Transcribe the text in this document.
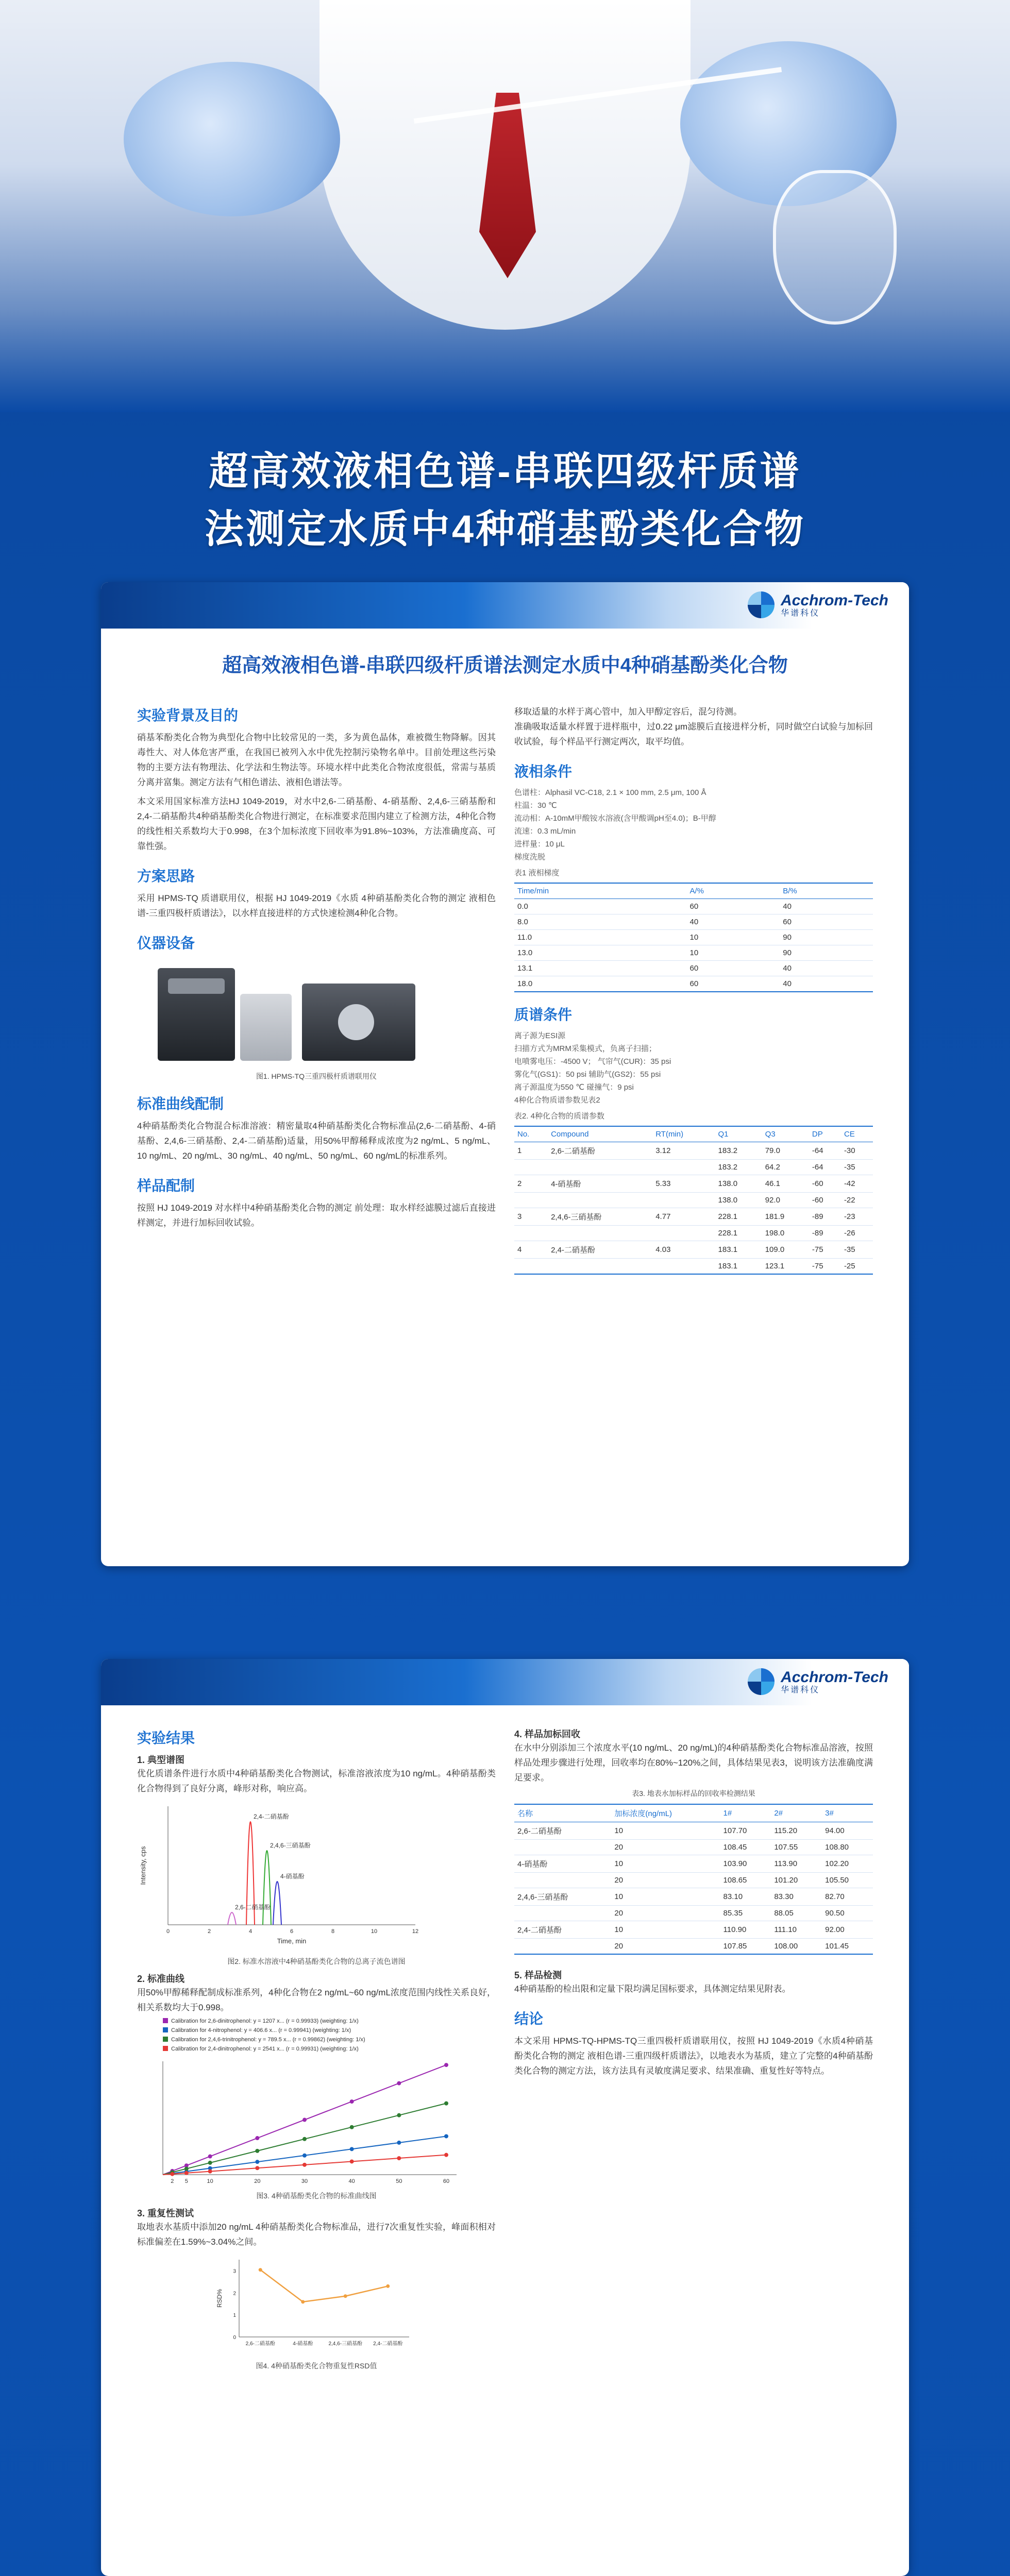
超高效液相色谱-串联四级杆质谱
法测定水质中4种硝基酚类化合物
Acchrom-Tech
华谱科仪
超高效液相色谱-串联四级杆质谱法测定水质中4种硝基酚类化合物
实验背景及目的

硝基苯酚类化合物为典型化合物中比较常见的一类，多为黄色晶体，难被微生物降解。因其毒性大、对人体危害严重，在我国已被列入水中优先控制污染物名单中。目前处理这些污染物的主要方法有物理法、化学法和生物法等。环境水样中此类化合物浓度很低，常需与基质分离并富集。测定方法有气相色谱法、液相色谱法等。

本文采用国家标准方法HJ 1049-2019，对水中2,6-二硝基酚、4-硝基酚、2,4,6-三硝基酚和2,4-二硝基酚共4种硝基酚类化合物进行测定，在标准要求范围内建立了检测方法，4种化合物的线性相关系数均大于0.998，在3个加标浓度下回收率为91.8%~103%，方法准确度高、可靠性强。

方案思路

采用 HPMS-TQ 质谱联用仪，根据 HJ 1049-2019《水质 4种硝基酚类化合物的测定 液相色谱-三重四极杆质谱法》，以水样直接进样的方式快速检测4种化合物。

仪器设备
图1. HPMS-TQ三重四极杆质谱联用仪
标准曲线配制

4种硝基酚类化合物混合标准溶液：精密量取4种硝基酚类化合物标准品(2,6-二硝基酚、4-硝基酚、2,4,6-三硝基酚、2,4-二硝基酚)适量，用50%甲醇稀释成浓度为2 ng/mL、5 ng/mL、10 ng/mL、20 ng/mL、30 ng/mL、40 ng/mL、50 ng/mL、60 ng/mL的标准系列。

样品配制

按照 HJ 1049-2019 对水样中4种硝基酚类化合物的测定 前处理：取水样经滤膜过滤后直接进样测定，并进行加标回收试验。

移取适量的水样于离心管中，加入甲醇定容后，混匀待测。

准确吸取适量水样置于进样瓶中，过0.22 μm滤膜后直接进样分析，同时做空白试验与加标回收试验，每个样品平行测定两次，取平均值。

液相条件
色谱柱：Alphasil VC-C18, 2.1 × 100 mm, 2.5 μm, 100 Å
柱温：30 ℃
流动相：A-10mM甲酸铵水溶液(含甲酸调pH至4.0)；B-甲醇
流速：0.3 mL/min
进样量：10 μL
梯度洗脱
表1 液相梯度
Time/min	A/%	B/%
0.0	60	40
8.0	40	60
11.0	10	90
13.0	10	90
13.1	60	40
18.0	60	40
质谱条件
离子源为ESI源
扫描方式为MRM采集模式，负离子扫描；
电喷雾电压：-4500 V； 气帘气(CUR)：35 psi
雾化气(GS1)：50 psi 辅助气(GS2)：55 psi
离子源温度为550 ℃ 碰撞气：9 psi
4种化合物质谱参数见表2
表2. 4种化合物的质谱参数
No.	Compound	RT(min)	Q1	Q3	DP	CE
1	2,6-二硝基酚	3.12	183.2	79.0	-64	-30
			183.2	64.2	-64	-35
2	4-硝基酚	5.33	138.0	46.1	-60	-42
			138.0	92.0	-60	-22
3	2,4,6-三硝基酚	4.77	228.1	181.9	-89	-23
			228.1	198.0	-89	-26
4	2,4-二硝基酚	4.03	183.1	109.0	-75	-35
			183.1	123.1	-75	-25
Acchrom-Tech
华谱科仪
实验结果
1. 典型谱图

优化质谱条件进行水质中4种硝基酚类化合物测试，标准溶液浓度为10 ng/mL。4种硝基酚类化合物得到了良好分离，峰形对称，响应高。

Time, min
Intensity, cps
0	2	4	6	8	10	12
2,4-二硝基酚
2,4,6-三硝基酚
4-硝基酚
2,6-二硝基酚
图2. 标准水溶液中4种硝基酚类化合物的总离子流色谱图
2. 标准曲线

用50%甲醇稀释配制成标准系列，4种化合物在2 ng/mL~60 ng/mL浓度范围内线性关系良好，相关系数均大于0.998。

Calibration for 2,6-dinitrophenol: y = 1207 x... (r = 0.99933) (weighting: 1/x)
Calibration for 4-nitrophenol: y = 406.6 x... (r = 0.99941) (weighting: 1/x)
Calibration for 2,4,6-trinitrophenol: y = 789.5 x... (r = 0.99862) (weighting: 1/x)
Calibration for 2,4-dinitrophenol: y = 2541 x... (r = 0.99931) (weighting: 1/x)
2 5	10	20	30	40	50	60
图3. 4种硝基酚类化合物的标准曲线图
3. 重复性测试

取地表水基质中添加20 ng/mL 4种硝基酚类化合物标准品，进行7次重复性实验，峰面积相对标准偏差在1.59%~3.04%之间。

RSD%
2,6-二硝基酚	4-硝基酚	2,4,6-三硝基酚 2,4-二硝基酚
0
1
2
3
图4. 4种硝基酚类化合物重复性RSD值
4. 样品加标回收

在水中分别添加三个浓度水平(10 ng/mL、20 ng/mL)的4种硝基酚类化合物标准品溶液，按照样品处理步骤进行处理，回收率均在80%~120%之间，具体结果见表3，说明该方法准确度满足要求。

表3. 地表水加标样品的回收率检测结果
名称	加标浓度(ng/mL)	1#	2#	3#
2,6-二硝基酚	10	107.70	115.20	94.00
	20	108.45	107.55	108.80
4-硝基酚	10	103.90	113.90	102.20
	20	108.65	101.20	105.50
2,4,6-三硝基酚	10	83.10	83.30	82.70
	20	85.35	88.05	90.50
2,4-二硝基酚	10	110.90	111.10	92.00
	20	107.85	108.00	101.45
5. 样品检测

4种硝基酚的检出限和定量下限均满足国标要求，具体测定结果见附表。

结论

本文采用 HPMS-TQ-HPMS-TQ三重四极杆质谱联用仪，按照 HJ 1049-2019《水质4种硝基酚类化合物的测定 液相色谱-三重四级杆质谱法》，以地表水为基质，建立了完整的4种硝基酚类化合物的测定方法，该方法具有灵敏度满足要求、结果准确、重复性好等特点。
